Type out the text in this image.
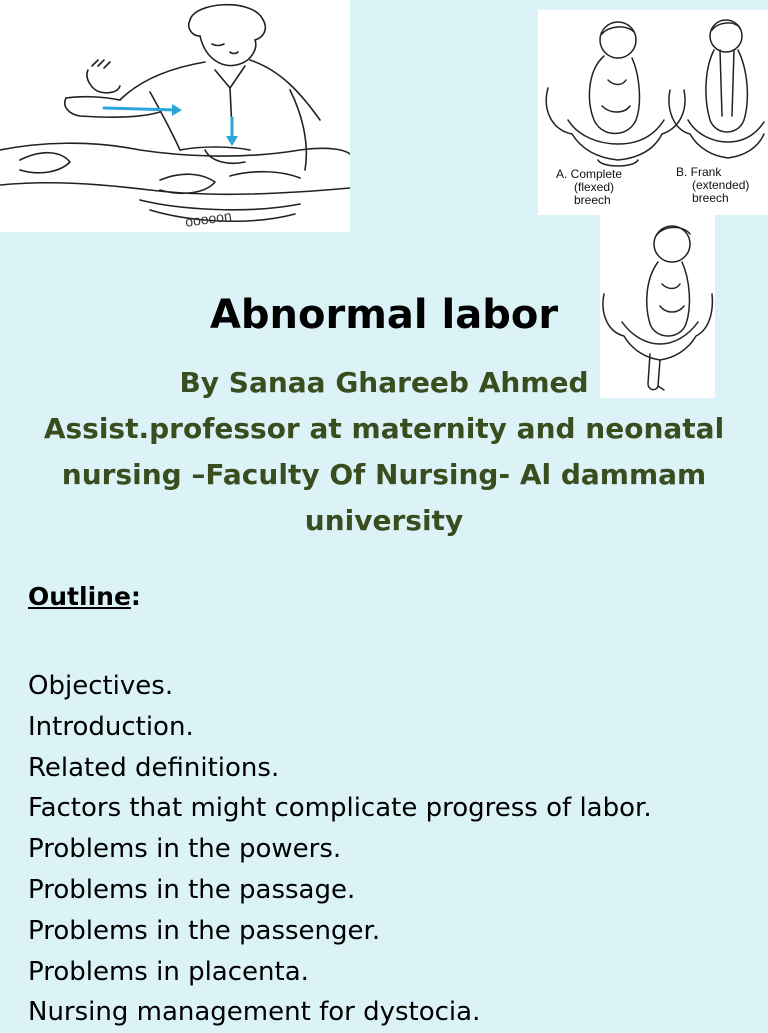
ooooon
A. Complete
(flexed)
breech
B. Frank
(extended)
breech
Abnormal labor
By Sanaa Ghareeb Ahmed
Assist.professor at maternity and neonatal
nursing –Faculty Of Nursing- Al dammam
university
Outline:
Objectives.
Introduction.
Related definitions.
Factors that might complicate progress of labor.
Problems in the powers.
Problems in the passage.
Problems in the passenger.
Problems in placenta.
Nursing management for dystocia.
